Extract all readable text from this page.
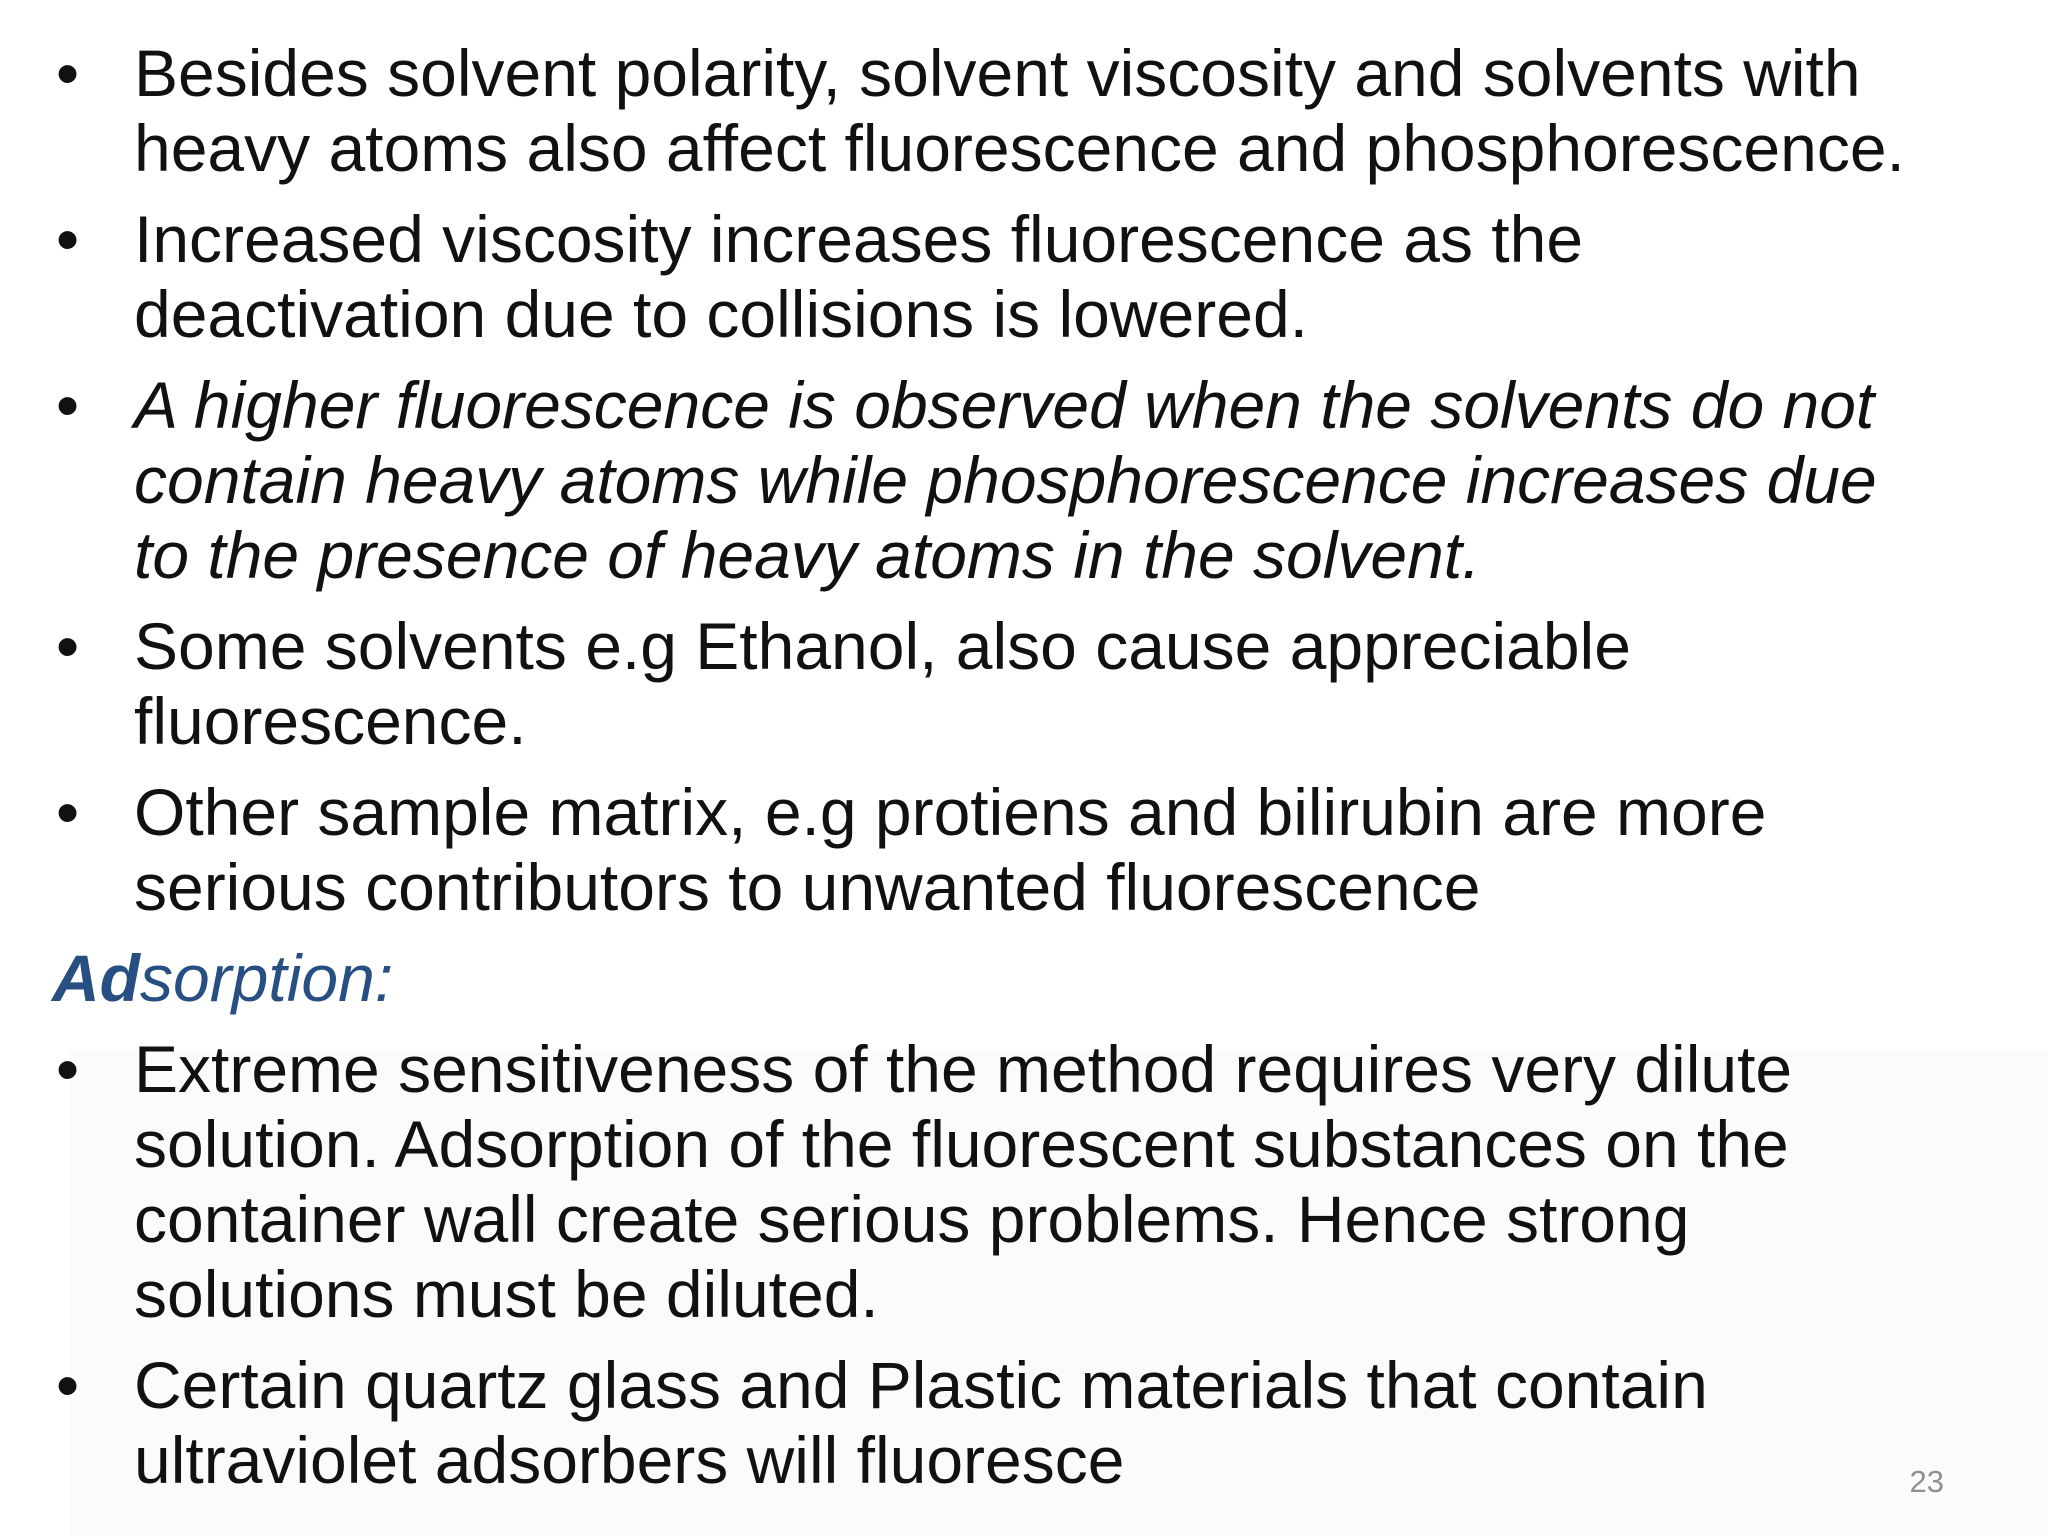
• Besides solvent polarity, solvent viscosity and solvents with
heavy atoms also affect fluorescence and phosphorescence.
• Increased viscosity increases fluorescence as the
deactivation due to collisions is lowered.
• A higher fluorescence is observed when the solvents do not
contain heavy atoms while phosphorescence increases due
to the presence of heavy atoms in the solvent.
• Some solvents e.g Ethanol, also cause appreciable
fluorescence.
• Other sample matrix, e.g protiens and bilirubin are more
serious contributors to unwanted fluorescence
Adsorption:
• Extreme sensitiveness of the method requires very dilute
solution. Adsorption of the fluorescent substances on the
container wall create serious problems. Hence strong
solutions must be diluted.
• Certain quartz glass and Plastic materials that contain
ultraviolet adsorbers will fluoresce	23
